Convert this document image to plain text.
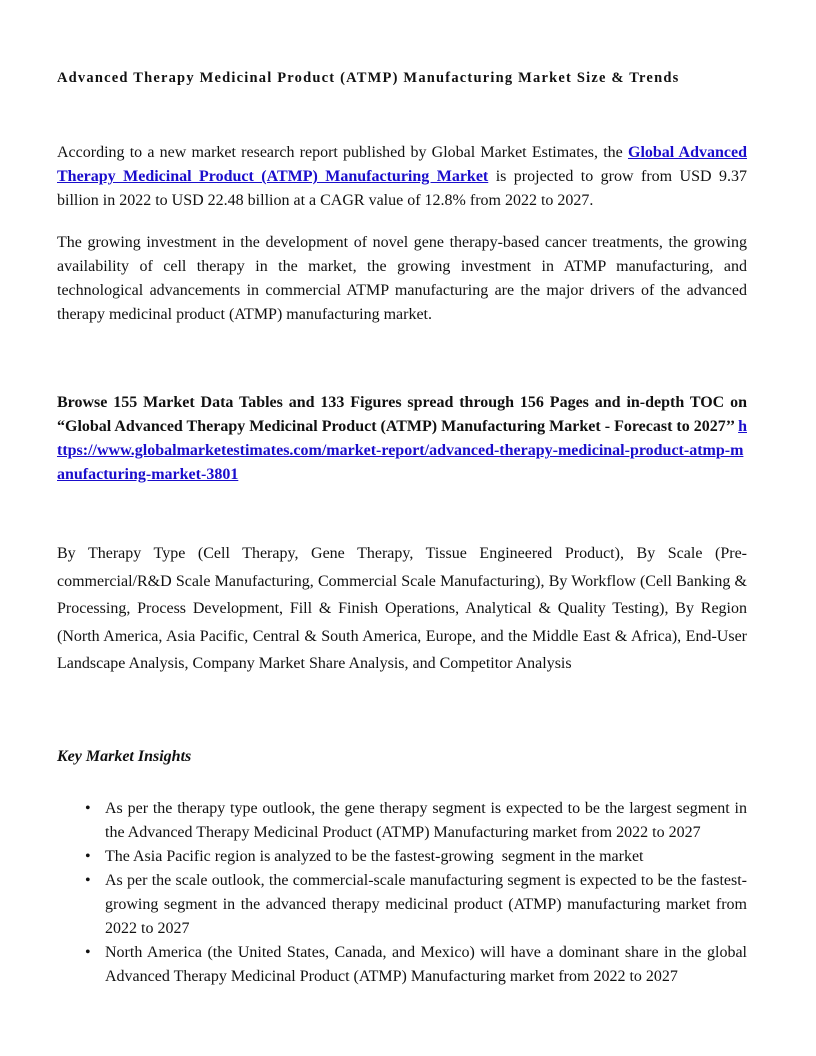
Advanced Therapy Medicinal Product (ATMP) Manufacturing Market Size & Trends
According to a new market research report published by Global Market Estimates, the Global Advanced Therapy Medicinal Product (ATMP) Manufacturing Market is projected to grow from USD 9.37 billion in 2022 to USD 22.48 billion at a CAGR value of 12.8% from 2022 to 2027.
The growing investment in the development of novel gene therapy-based cancer treatments, the growing availability of cell therapy in the market, the growing investment in ATMP manufacturing, and technological advancements in commercial ATMP manufacturing are the major drivers of the advanced therapy medicinal product (ATMP) manufacturing market.
Browse 155 Market Data Tables and 133 Figures spread through 156 Pages and in-depth TOC on “Global Advanced Therapy Medicinal Product (ATMP) Manufacturing Market - Forecast to 2027’’ https://www.globalmarketestimates.com/market-report/advanced-therapy-medicinal-product-atmp-manufacturing-market-3801
By Therapy Type (Cell Therapy, Gene Therapy, Tissue Engineered Product), By Scale (Pre-commercial/R&D Scale Manufacturing, Commercial Scale Manufacturing), By Workflow (Cell Banking & Processing, Process Development, Fill & Finish Operations, Analytical & Quality Testing), By Region (North America, Asia Pacific, Central & South America, Europe, and the Middle East & Africa), End-User Landscape Analysis, Company Market Share Analysis, and Competitor Analysis
Key Market Insights
• As per the therapy type outlook, the gene therapy segment is expected to be the largest segment in the Advanced Therapy Medicinal Product (ATMP) Manufacturing market from 2022 to 2027
• The Asia Pacific region is analyzed to be the fastest-growing  segment in the market
• As per the scale outlook, the commercial-scale manufacturing segment is expected to be the fastest-growing segment in the advanced therapy medicinal product (ATMP) manufacturing market from 2022 to 2027
• North America (the United States, Canada, and Mexico) will have a dominant share in the global Advanced Therapy Medicinal Product (ATMP) Manufacturing market from 2022 to 2027
